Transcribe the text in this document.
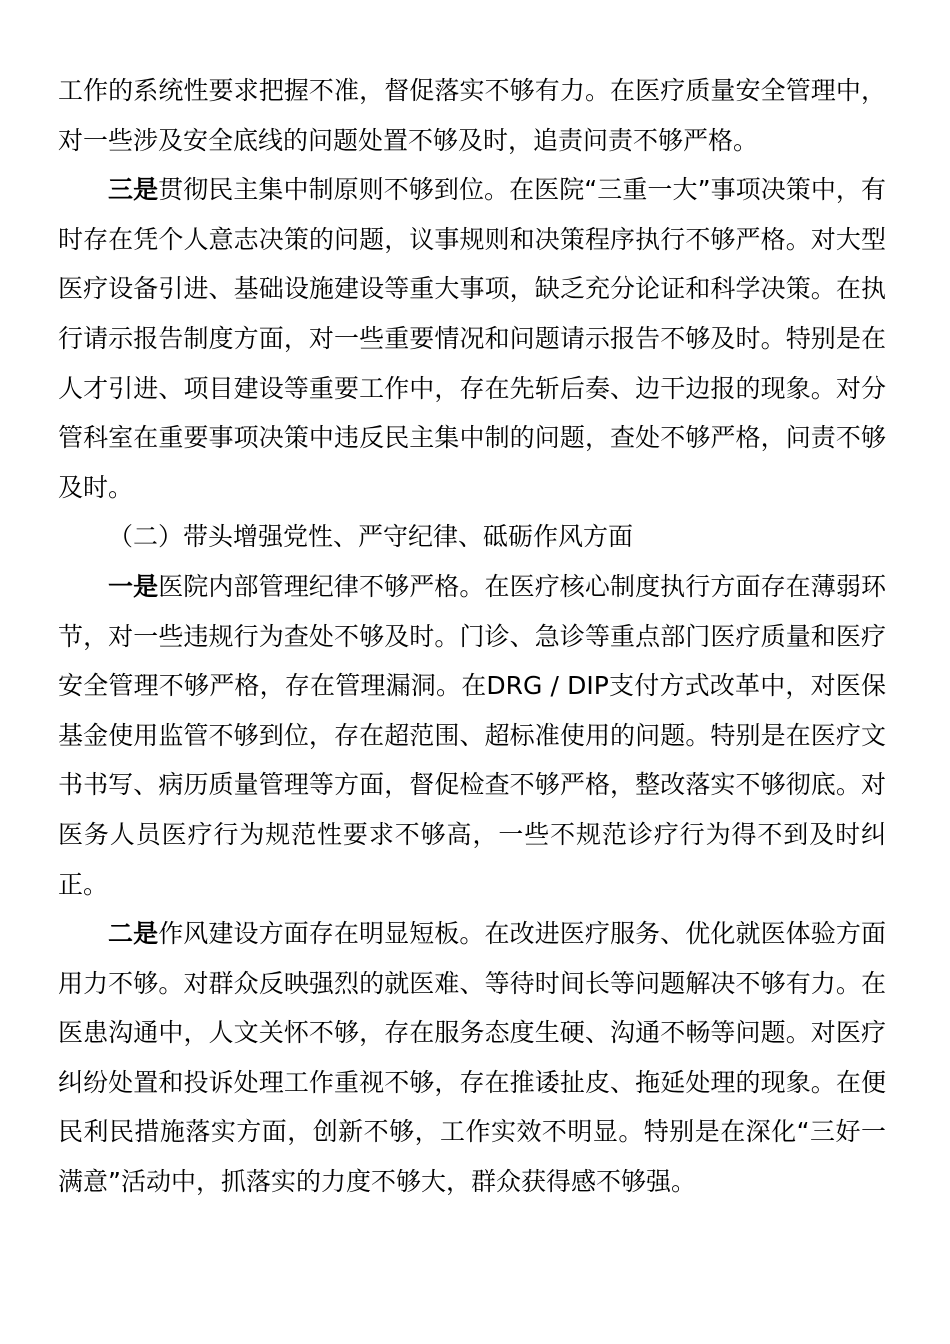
工作的系统性要求把握不准，督促落实不够有力。在医疗质量安全管理中，对一些涉及安全底线的问题处置不够及时，追责问责不够严格。

三是贯彻民主集中制原则不够到位。在医院“三重一大”事项决策中，有时存在凭个人意志决策的问题，议事规则和决策程序执行不够严格。对大型医疗设备引进、基础设施建设等重大事项，缺乏充分论证和科学决策。在执行请示报告制度方面，对一些重要情况和问题请示报告不够及时。特别是在人才引进、项目建设等重要工作中，存在先斩后奏、边干边报的现象。对分管科室在重要事项决策中违反民主集中制的问题，查处不够严格，问责不够及时。

（二）带头增强党性、严守纪律、砥砺作风方面

一是医院内部管理纪律不够严格。在医疗核心制度执行方面存在薄弱环节，对一些违规行为查处不够及时。门诊、急诊等重点部门医疗质量和医疗安全管理不够严格，存在管理漏洞。在DRG / DIP支付方式改革中，对医保基金使用监管不够到位，存在超范围、超标准使用的问题。特别是在医疗文书书写、病历质量管理等方面，督促检查不够严格，整改落实不够彻底。对医务人员医疗行为规范性要求不够高，一些不规范诊疗行为得不到及时纠正。

二是作风建设方面存在明显短板。在改进医疗服务、优化就医体验方面用力不够。对群众反映强烈的就医难、等待时间长等问题解决不够有力。在医患沟通中，人文关怀不够，存在服务态度生硬、沟通不畅等问题。对医疗纠纷处置和投诉处理工作重视不够，存在推诿扯皮、拖延处理的现象。在便民利民措施落实方面，创新不够，工作实效不明显。特别是在深化“三好一满意”活动中，抓落实的力度不够大，群众获得感不够强。
